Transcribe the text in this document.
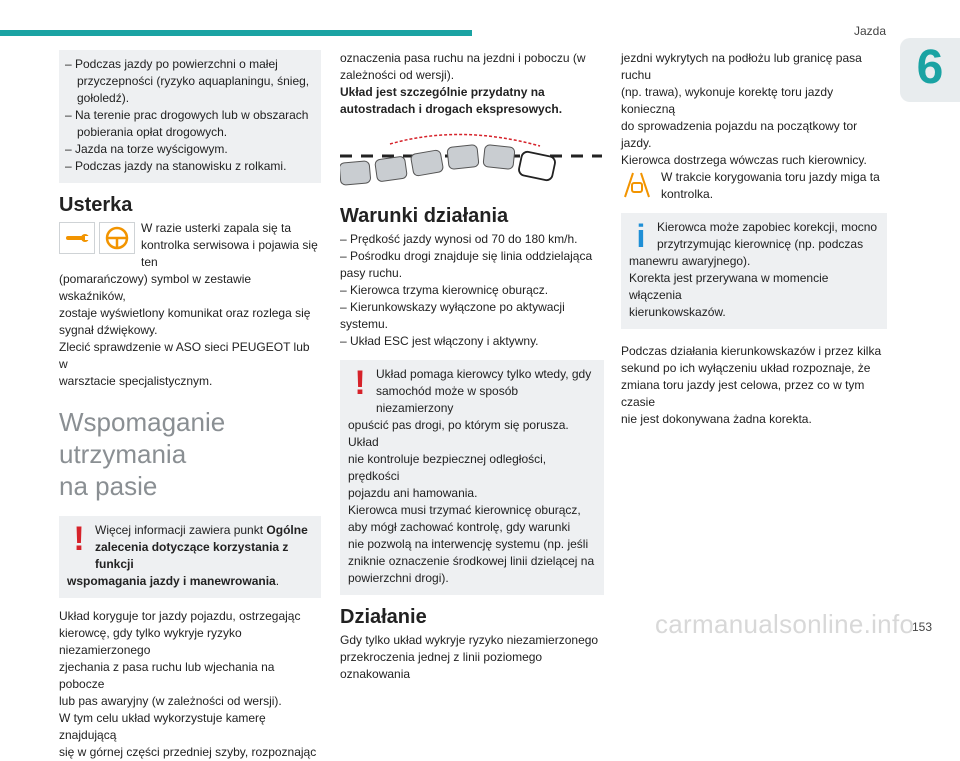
Jazda
6
– Podczas jazdy po powierzchni o małej
przyczepności (ryzyko aquaplaningu, śnieg,
gołoledź).
– Na terenie prac drogowych lub w obszarach
pobierania opłat drogowych.
– Jazda na torze wyścigowym.
– Podczas jazdy na stanowisku z rolkami.
Usterka
W razie usterki zapala się ta
kontrolka serwisowa i pojawia się ten
(pomarańczowy) symbol w zestawie wskaźników,
zostaje wyświetlony komunikat oraz rozlega się
sygnał dźwiękowy.
Zlecić sprawdzenie w ASO sieci PEUGEOT lub w
warsztacie specjalistycznym.
Wspomaganie utrzymania
na pasie
! Więcej informacji zawiera punkt Ogólne
zalecenia dotyczące korzystania z funkcji
wspomagania jazdy i manewrowania.
Układ koryguje tor jazdy pojazdu, ostrzegając
kierowcę, gdy tylko wykryje ryzyko niezamierzonego
zjechania z pasa ruchu lub wjechania na pobocze
lub pas awaryjny (w zależności od wersji).
W tym celu układ wykorzystuje kamerę znajdującą
się w górnej części przedniej szyby, rozpoznając
oznaczenia pasa ruchu na jezdni i poboczu (w
zależności od wersji).
Układ jest szczególnie przydatny na
autostradach i drogach ekspresowych.
Warunki działania
– Prędkość jazdy wynosi od 70 do 180 km/h.
– Pośrodku drogi znajduje się linia oddzielająca
pasy ruchu.
– Kierowca trzyma kierownicę oburącz.
– Kierunkowskazy wyłączone po aktywacji systemu.
– Układ ESC jest włączony i aktywny.
! Układ pomaga kierowcy tylko wtedy, gdy
samochód może w sposób niezamierzony
opuścić pas drogi, po którym się porusza. Układ
nie kontroluje bezpiecznej odległości, prędkości
pojazdu ani hamowania.
Kierowca musi trzymać kierownicę oburącz,
aby mógł zachować kontrolę, gdy warunki
nie pozwolą na interwencję systemu (np. jeśli
zniknie oznaczenie środkowej linii dzielącej na
powierzchni drogi).
Działanie
Gdy tylko układ wykryje ryzyko niezamierzonego
przekroczenia jednej z linii poziomego oznakowania
jezdni wykrytych na podłożu lub granicę pasa ruchu
(np. trawa), wykonuje korektę toru jazdy konieczną
do sprowadzenia pojazdu na początkowy tor jazdy.
Kierowca dostrzega wówczas ruch kierownicy.
W trakcie korygowania toru jazdy miga ta
kontrolka.
i Kierowca może zapobiec korekcji, mocno
przytrzymując kierownicę (np. podczas
manewru awaryjnego).
Korekta jest przerywana w momencie włączenia
kierunkowskazów.
Podczas działania kierunkowskazów i przez kilka
sekund po ich wyłączeniu układ rozpoznaje, że
zmiana toru jazdy jest celowa, przez co w tym czasie
nie jest dokonywana żadna korekta.
carmanualsonline.info
153
